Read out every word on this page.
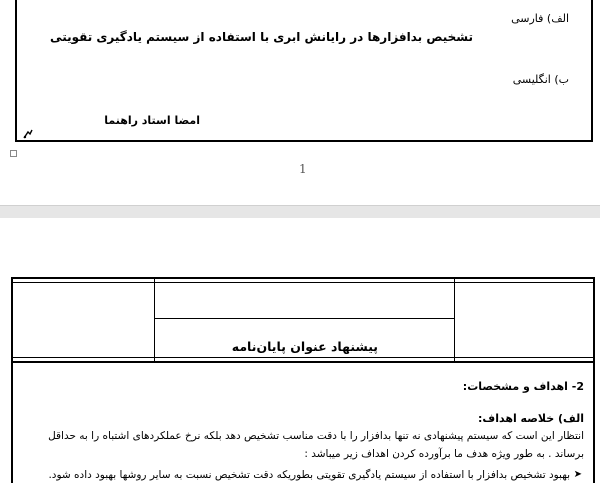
الف) فارسی
تشخیص بدافزارها در رایانش ابری با استفاده از سیستم یادگیری تقویتی
ب) انگلیسی
امضا استاد راهنما
1
پیشنهاد عنوان پایان‌نامه
2- اهداف و مشخصات:
الف) خلاصه اهداف:
انتظار این است که سیستم پیشنهادی نه تنها بدافزار را با دقت مناسب تشخیص دهد بلکه نرخ عملکردهای اشتباه را به حداقل
برساند . به طور ویژه هدف ما برآورده کردن اهداف زیر میباشد :
➤
بهبود تشخیص بدافزار با استفاده از سیستم یادگیری تقویتی بطوریکه دقت تشخیص نسبت به سایر روشها بهبود داده شود.
